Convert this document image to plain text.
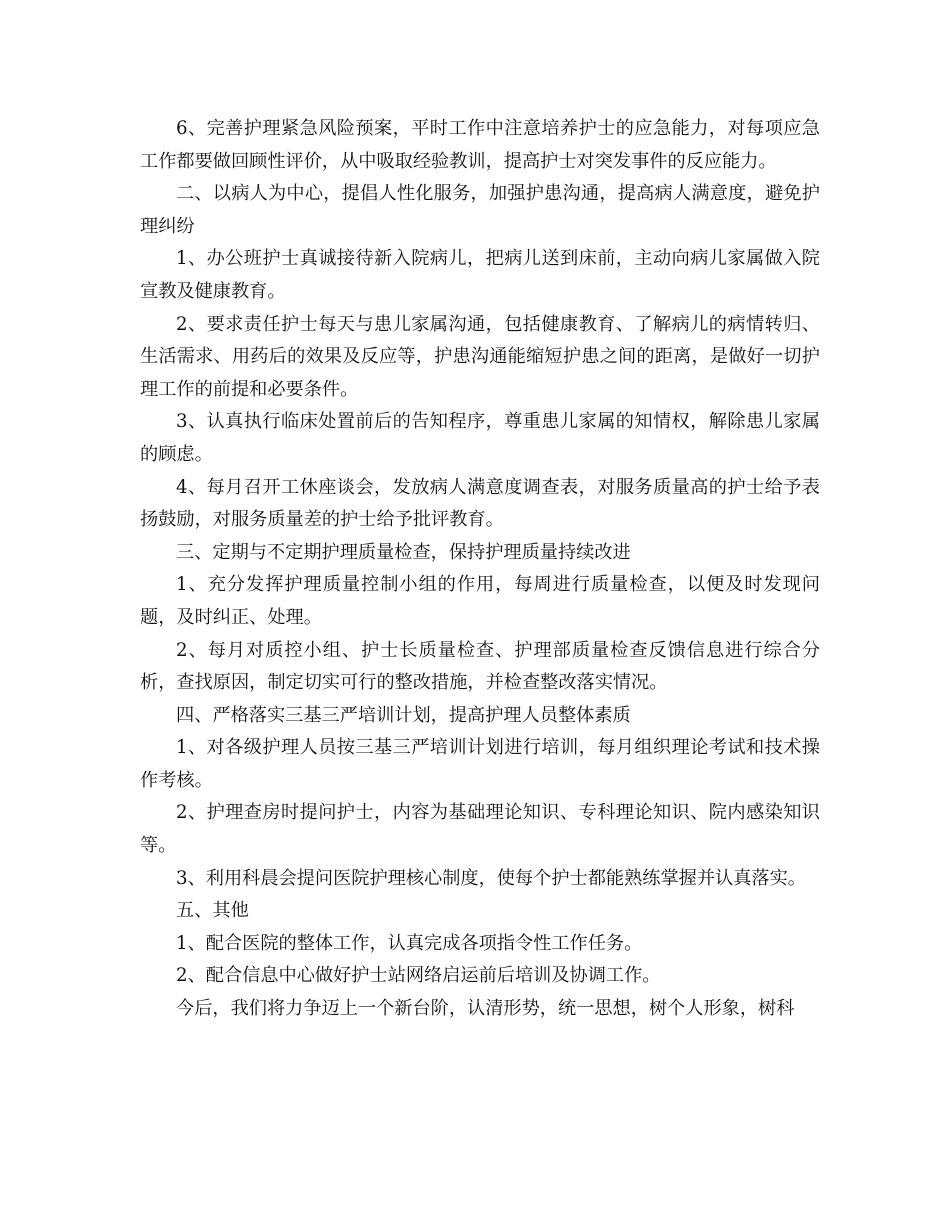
6、完善护理紧急风险预案，平时工作中注意培养护士的应急能力，对每项应急工作都要做回顾性评价，从中吸取经验教训，提高护士对突发事件的反应能力。

二、以病人为中心，提倡人性化服务，加强护患沟通，提高病人满意度，避免护理纠纷

1、办公班护士真诚接待新入院病儿，把病儿送到床前，主动向病儿家属做入院宣教及健康教育。

2、要求责任护士每天与患儿家属沟通，包括健康教育、了解病儿的病情转归、生活需求、用药后的效果及反应等，护患沟通能缩短护患之间的距离，是做好一切护理工作的前提和必要条件。

3、认真执行临床处置前后的告知程序，尊重患儿家属的知情权，解除患儿家属的顾虑。

4、每月召开工休座谈会，发放病人满意度调查表，对服务质量高的护士给予表扬鼓励，对服务质量差的护士给予批评教育。

三、定期与不定期护理质量检查，保持护理质量持续改进

1、充分发挥护理质量控制小组的作用，每周进行质量检查，以便及时发现问题，及时纠正、处理。

2、每月对质控小组、护士长质量检查、护理部质量检查反馈信息进行综合分析，查找原因，制定切实可行的整改措施，并检查整改落实情况。

四、严格落实三基三严培训计划，提高护理人员整体素质

1、对各级护理人员按三基三严培训计划进行培训，每月组织理论考试和技术操作考核。

2、护理查房时提问护士，内容为基础理论知识、专科理论知识、院内感染知识等。

3、利用科晨会提问医院护理核心制度，使每个护士都能熟练掌握并认真落实。

五、其他

1、配合医院的整体工作，认真完成各项指令性工作任务。

2、配合信息中心做好护士站网络启运前后培训及协调工作。

今后，我们将力争迈上一个新台阶，认清形势，统一思想，树个人形象，树科
